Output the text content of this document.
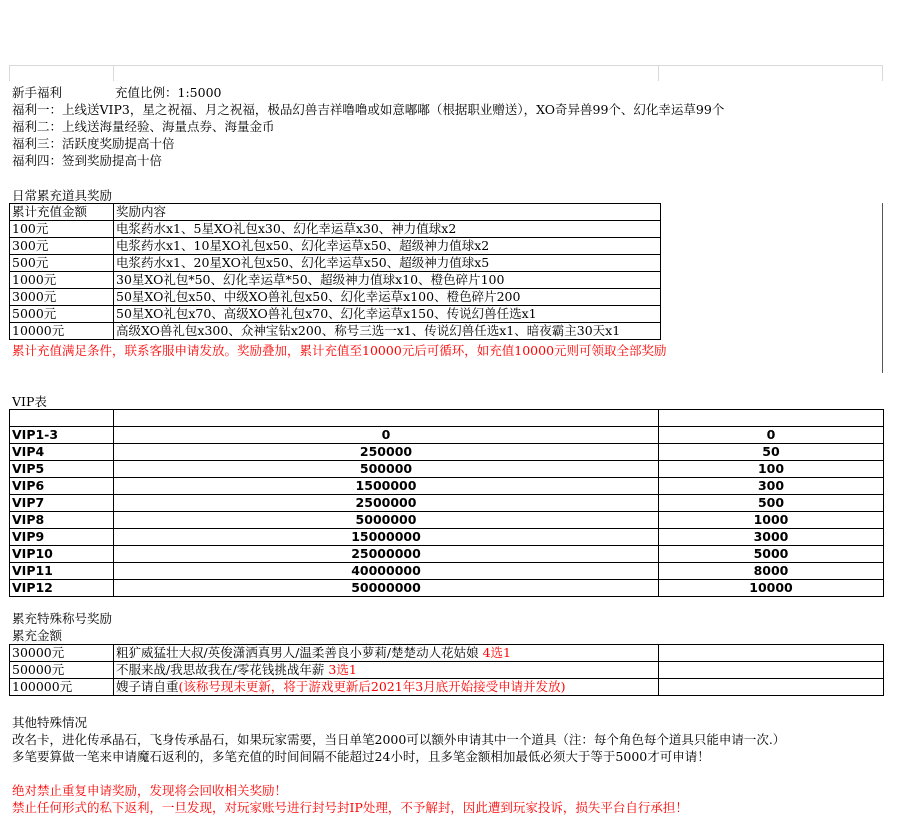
新手福利	充值比例：1:5000
福利一：上线送VIP3，星之祝福、月之祝福，极品幻兽吉祥噜噜或如意嘟嘟（根据职业赠送），XO奇异兽99个、幻化幸运草99个
福利二：上线送海量经验、海量点券、海量金币
福利三：活跃度奖励提高十倍
福利四：签到奖励提高十倍
日常累充道具奖励
累计充值金额	奖励内容
100元	电浆药水x1、5星XO礼包x30、幻化幸运草x30、神力值球x2
300元	电浆药水x1、10星XO礼包x50、幻化幸运草x50、超级神力值球x2
500元	电浆药水x1、20星XO礼包x50、幻化幸运草x50、超级神力值球x5
1000元	30星XO礼包*50、幻化幸运草*50、超级神力值球x10、橙色碎片100
3000元	50星XO礼包x50、中级XO兽礼包x50、幻化幸运草x100、橙色碎片200
5000元	50星XO礼包x70、高级XO兽礼包x70、幻化幸运草x150、传说幻兽任选x1
10000元	高级XO兽礼包x300、众神宝钻x200、称号三选一x1、传说幻兽任选x1、暗夜霸主30天x1
累计充值满足条件，联系客服申请发放。奖励叠加，累计充值至10000元后可循环，如充值10000元则可领取全部奖励
VIP表

VIP1-3	0	0
VIP4	250000	50
VIP5	500000	100
VIP6	1500000	300
VIP7	2500000	500
VIP8	5000000	1000
VIP9	15000000	3000
VIP10	25000000	5000
VIP11	40000000	8000
VIP12	50000000	10000
累充特殊称号奖励
累充金额
30000元	粗犷威猛壮大叔/英俊潇洒真男人/温柔善良小萝莉/楚楚动人花姑娘 4选1	
50000元	不服来战/我思故我在/零花钱挑战年薪 3选1	
100000元	嫂子请自重(该称号现未更新，将于游戏更新后2021年3月底开始接受申请并发放)	
其他特殊情况
改名卡，进化传承晶石，飞身传承晶石，如果玩家需要，当日单笔2000可以额外申请其中一个道具（注：每个角色每个道具只能申请一次.）
多笔要算做一笔来申请魔石返利的，多笔充值的时间间隔不能超过24小时，且多笔金额相加最低必须大于等于5000才可申请！
绝对禁止重复申请奖励，发现将会回收相关奖励！
禁止任何形式的私下返利，一旦发现，对玩家账号进行封号封IP处理，不予解封，因此遭到玩家投诉，损失平台自行承担！
